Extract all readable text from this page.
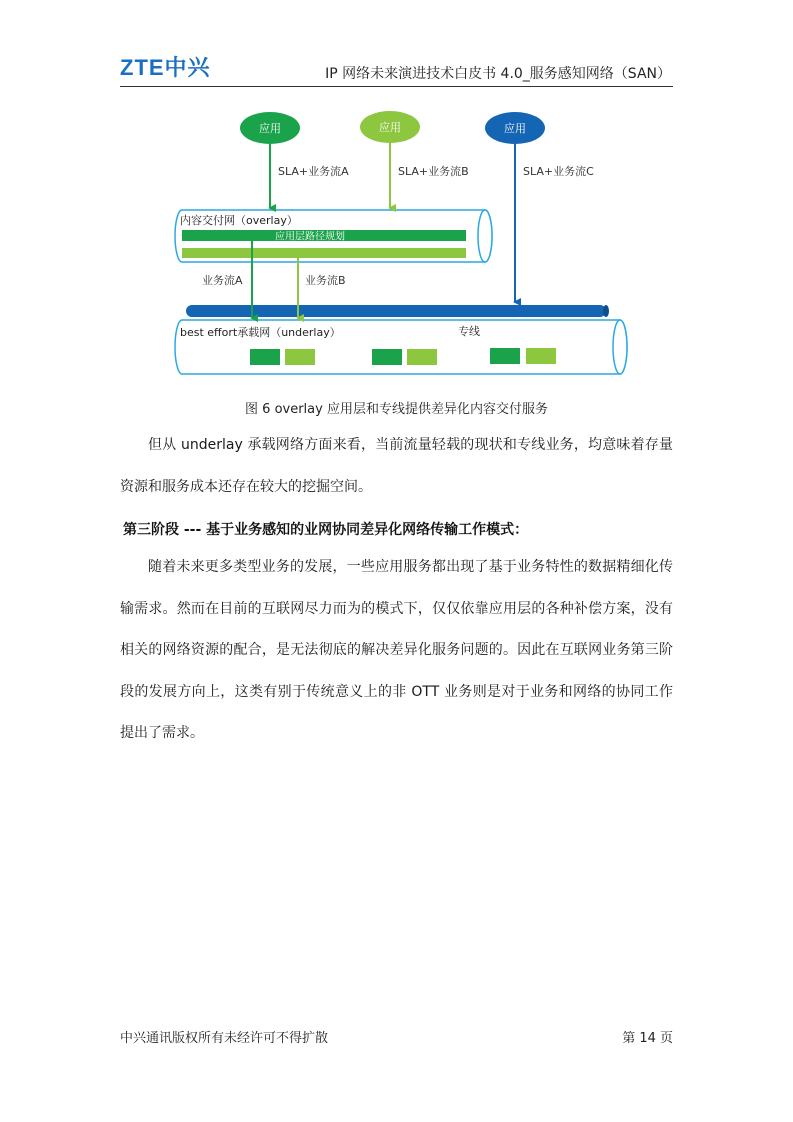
ZTE中兴	IP 网络未来演进技术白皮书 4.0_服务感知网络（SAN）
应用层路径规划
内容交付网（overlay）
应用	应用	应用
SLA+业务流A	SLA+业务流B	SLA+业务流C
业务流A	业务流B
best effort承载网（underlay）	专线
图 6 overlay 应用层和专线提供差异化内容交付服务

但从 underlay 承载网络方面来看，当前流量轻载的现状和专线业务，均意味着存量资源和服务成本还存在较大的挖掘空间。

第三阶段 --- 基于业务感知的业网协同差异化网络传输工作模式：

随着未来更多类型业务的发展，一些应用服务都出现了基于业务特性的数据精细化传输需求。然而在目前的互联网尽力而为的模式下，仅仅依靠应用层的各种补偿方案，没有相关的网络资源的配合，是无法彻底的解决差异化服务问题的。因此在互联网业务第三阶段的发展方向上，这类有别于传统意义上的非 OTT 业务则是对于业务和网络的协同工作提出了需求。

中兴通讯版权所有未经许可不得扩散	第 14 页
